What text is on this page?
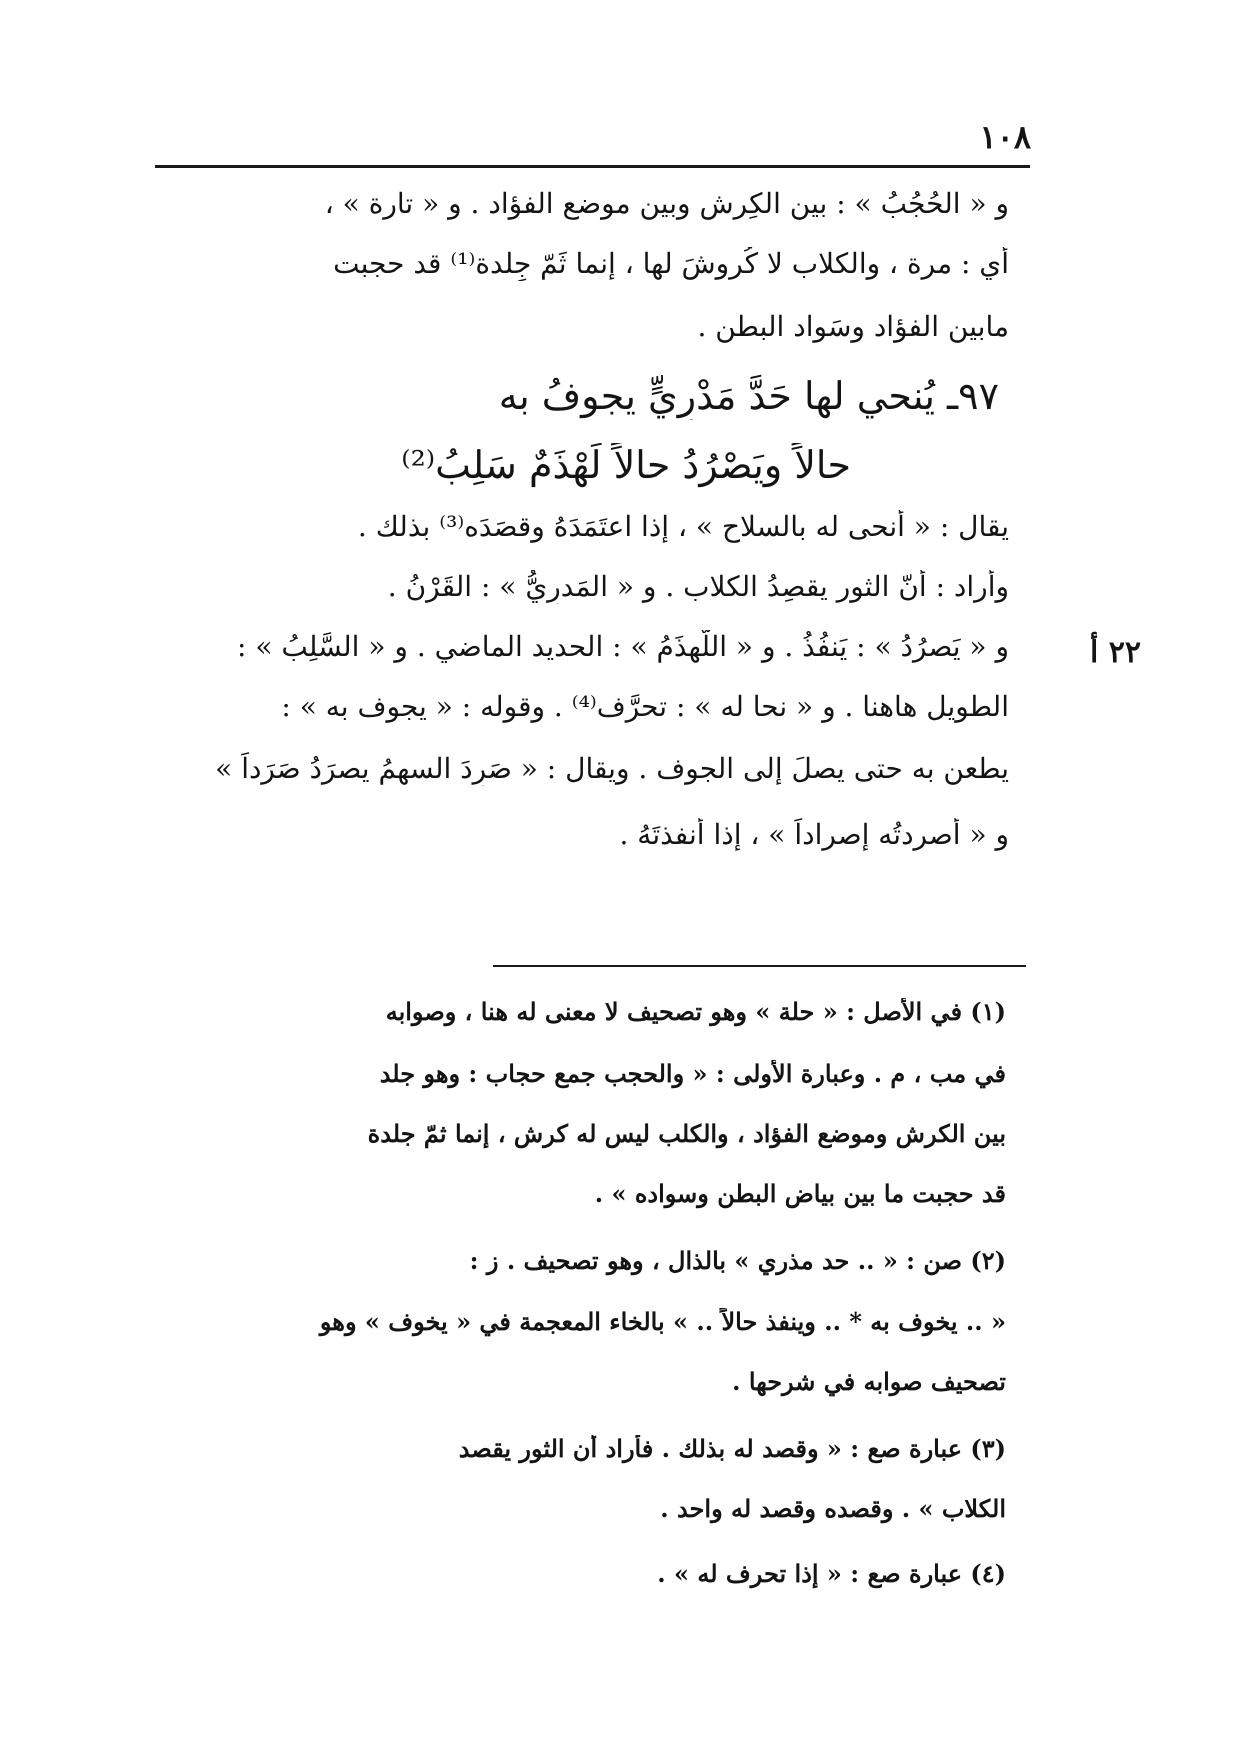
١٠٨
و « الحُجُبُ » : بين الكِرش وبين موضع الفؤاد . و « تارة » ،
أي : مرة ، والكلاب لا كُروشَ لها ، إنما ثَمّ جِلدة⁽¹⁾ قد حجبت
مابين الفؤاد وسَواد البطن .
٩٧ـ يُنحي لها حَدَّ مَدْرِيٍّ يجوفُ به
حالاً ويَصْرُدُ حالاً لَهْذَمٌ سَلِبُ⁽²⁾
يقال : « أنحى له بالسلاح » ، إذا اعتَمَدَهُ وقصَدَه⁽³⁾ بذلك .
٢٢ أ
وأراد : أنّ الثور يقصِدُ الكلاب . و « المَدرِيُّ » : القَرْنُ .
و « يَصرُدُ » : يَنفُذُ . و « اللَّهذَمُ » : الحديد الماضي . و « السَّلِبُ » :
الطويل هاهنا . و « نحا له » : تحرَّف⁽⁴⁾ . وقوله : « يجوف به » :
يطعن به حتى يصلَ إلى الجوف . ويقال : « صَرِدَ السهمُ يصرَدُ صَرَداً »
و « أصردتُه إصراداً » ، إذا أنفذتَهُ .
(١) في الأصل : « حلة » وهو تصحيف لا معنى له هنا ، وصوابه
في مب ، م . وعبارة الأولى : « والحجب جمع حجاب : وهو جلد
بين الكرش وموضع الفؤاد ، والكلب ليس له كرش ، إنما ثمّ جلدة
قد حجبت ما بين بياض البطن وسواده » .
(٢) صن : « .. حد مذري » بالذال ، وهو تصحيف . ز :
« .. يخوف به * .. وينفذ حالاً .. » بالخاء المعجمة في « يخوف » وهو
تصحيف صوابه في شرحها .
(٣) عبارة صع : « وقصد له بذلك . فأراد أن الثور يقصد
الكلاب » . وقصده وقصد له واحد .
(٤) عبارة صع : « إذا تحرف له » .
